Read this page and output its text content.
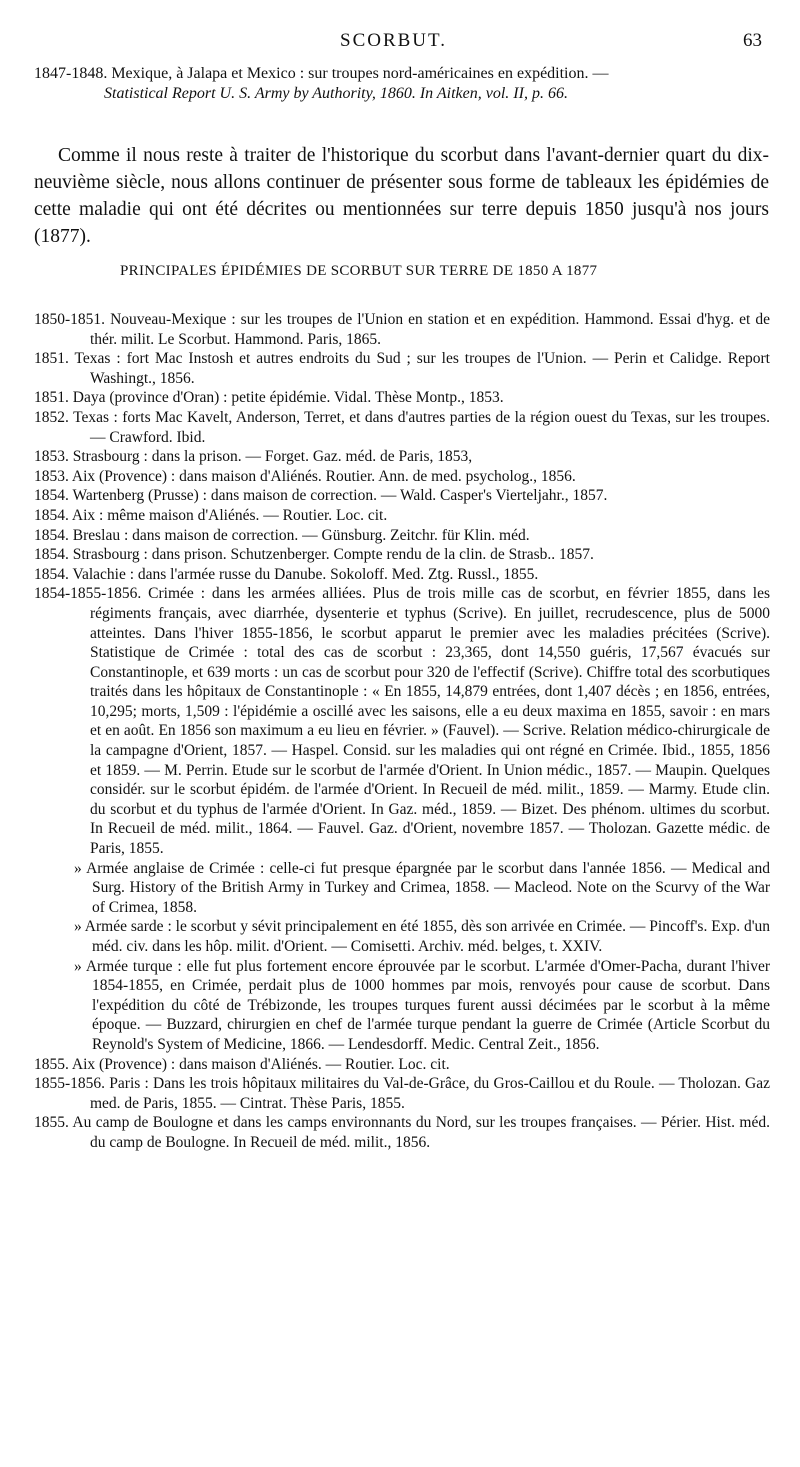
SCORBUT.	63
1847-1848. Mexique, à Jalapa et Mexico : sur troupes nord-américaines en expédition. —
Statistical Report U. S. Army by Authority, 1860. In Aitken, vol. II, p. 66.

Comme il nous reste à traiter de l'historique du scorbut dans l'avant-dernier quart du dix-neuvième siècle, nous allons continuer de présenter sous forme de tableaux les épidémies de cette maladie qui ont été décrites ou mentionnées sur terre depuis 1850 jusqu'à nos jours (1877).

PRINCIPALES ÉPIDÉMIES DE SCORBUT SUR TERRE DE 1850 A 1877

1850-1851. Nouveau-Mexique : sur les troupes de l'Union en station et en expédition. Hammond. Essai d'hyg. et de thér. milit. Le Scorbut. Hammond. Paris, 1865.

1851. Texas : fort Mac Instosh et autres endroits du Sud ; sur les troupes de l'Union. — Perin et Calidge. Report Washingt., 1856.

1851. Daya (province d'Oran) : petite épidémie. Vidal. Thèse Montp., 1853.

1852. Texas : forts Mac Kavelt, Anderson, Terret, et dans d'autres parties de la région ouest du Texas, sur les troupes. — Crawford. Ibid.

1853. Strasbourg : dans la prison. — Forget. Gaz. méd. de Paris, 1853,

1853. Aix (Provence) : dans maison d'Aliénés. Routier. Ann. de med. psycholog., 1856.

1854. Wartenberg (Prusse) : dans maison de correction. — Wald. Casper's Vierteljahr., 1857.

1854. Aix : même maison d'Aliénés. — Routier. Loc. cit.

1854. Breslau : dans maison de correction. — Günsburg. Zeitchr. für Klin. méd.

1854. Strasbourg : dans prison. Schutzenberger. Compte rendu de la clin. de Strasb.. 1857.

1854. Valachie : dans l'armée russe du Danube. Sokoloff. Med. Ztg. Russl., 1855.

1854-1855-1856. Crimée : dans les armées alliées. Plus de trois mille cas de scorbut, en février 1855, dans les régiments français, avec diarrhée, dysenterie et typhus (Scrive). En juillet, recrudescence, plus de 5000 atteintes. Dans l'hiver 1855-1856, le scorbut apparut le premier avec les maladies précitées (Scrive). Statistique de Crimée : total des cas de scorbut : 23,365, dont 14,550 guéris, 17,567 évacués sur Constantinople, et 639 morts : un cas de scorbut pour 320 de l'effectif (Scrive). Chiffre total des scorbutiques traités dans les hôpitaux de Constantinople : « En 1855, 14,879 entrées, dont 1,407 décès ; en 1856, entrées, 10,295; morts, 1,509 : l'épidémie a oscillé avec les saisons, elle a eu deux maxima en 1855, savoir : en mars et en août. En 1856 son maximum a eu lieu en février. » (Fauvel). — Scrive. Relation médico-chirurgicale de la campagne d'Orient, 1857. — Haspel. Consid. sur les maladies qui ont régné en Crimée. Ibid., 1855, 1856 et 1859. — M. Perrin. Etude sur le scorbut de l'armée d'Orient. In Union médic., 1857. — Maupin. Quelques considér. sur le scorbut épidém. de l'armée d'Orient. In Recueil de méd. milit., 1859. — Marmy. Etude clin. du scorbut et du typhus de l'armée d'Orient. In Gaz. méd., 1859. — Bizet. Des phénom. ultimes du scorbut. In Recueil de méd. milit., 1864. — Fauvel. Gaz. d'Orient, novembre 1857. — Tholozan. Gazette médic. de Paris, 1855.

» Armée anglaise de Crimée : celle-ci fut presque épargnée par le scorbut dans l'année 1856. — Medical and Surg. History of the British Army in Turkey and Crimea, 1858. — Macleod. Note on the Scurvy of the War of Crimea, 1858.

» Armée sarde : le scorbut y sévit principalement en été 1855, dès son arrivée en Crimée. — Pincoff's. Exp. d'un méd. civ. dans les hôp. milit. d'Orient. — Comisetti. Archiv. méd. belges, t. XXIV.

» Armée turque : elle fut plus fortement encore éprouvée par le scorbut. L'armée d'Omer-Pacha, durant l'hiver 1854-1855, en Crimée, perdait plus de 1000 hommes par mois, renvoyés pour cause de scorbut. Dans l'expédition du côté de Trébizonde, les troupes turques furent aussi décimées par le scorbut à la même époque. — Buzzard, chirurgien en chef de l'armée turque pendant la guerre de Crimée (Article Scorbut du Reynold's System of Medicine, 1866. — Lendesdorff. Medic. Central Zeit., 1856.

1855. Aix (Provence) : dans maison d'Aliénés. — Routier. Loc. cit.

1855-1856. Paris : Dans les trois hôpitaux militaires du Val-de-Grâce, du Gros-Caillou et du Roule. — Tholozan. Gaz med. de Paris, 1855. — Cintrat. Thèse Paris, 1855.

1855. Au camp de Boulogne et dans les camps environnants du Nord, sur les troupes françaises. — Périer. Hist. méd. du camp de Boulogne. In Recueil de méd. milit., 1856.
